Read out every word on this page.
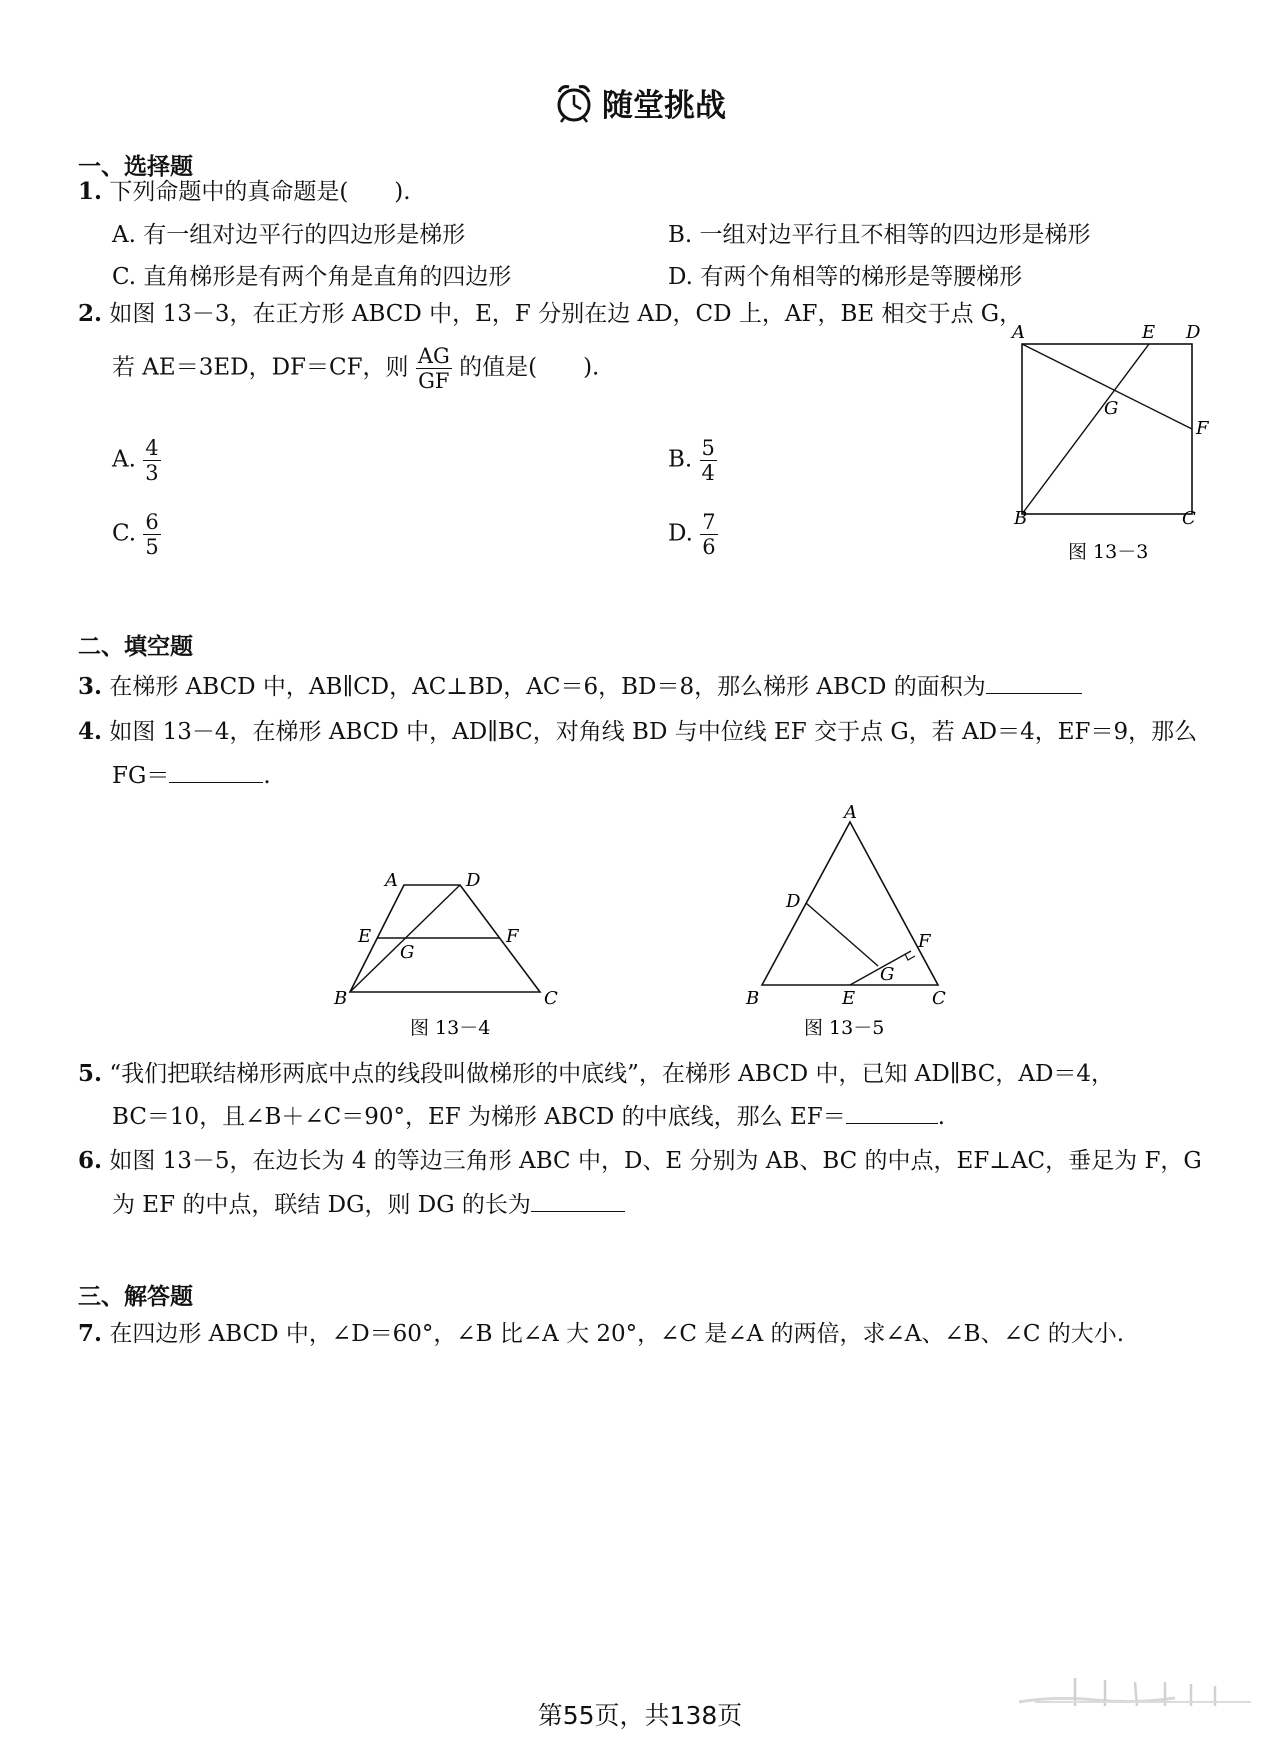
随堂挑战
一、选择题
1. 下列命题中的真命题是(　　).
A. 有一组对边平行的四边形是梯形	B. 一组对边平行且不相等的四边形是梯形
C. 直角梯形是有两个角是直角的四边形	D. 有两个角相等的梯形是等腰梯形
2. 如图 13－3，在正方形 ABCD 中，E，F 分别在边 AD，CD 上，AF，BE 相交于点 G，
若 AE＝3ED，DF＝CF，则 $\frac{AG}{GF}$ 的值是(　　).
A. $\frac{4}{3}$	B. $\frac{5}{4}$
C. $\frac{6}{5}$	D. $\frac{7}{6}$
A	E D
G
F
B	C
图 13－3
二、填空题
3. 在梯形 ABCD 中，AB∥CD，AC⊥BD，AC＝6，BD＝8，那么梯形 ABCD 的面积为
4. 如图 13－4，在梯形 ABCD 中，AD∥BC，对角线 BD 与中位线 EF 交于点 G，若 AD＝4，EF＝9，那么
FG＝	.
A	D
E
G
F
B	C
图 13－4
A
D
F
G
B	E	C
图 13－5
5. “我们把联结梯形两底中点的线段叫做梯形的中底线”，在梯形 ABCD 中，已知 AD∥BC，AD＝4，
BC＝10，且∠B＋∠C＝90°，EF 为梯形 ABCD 的中底线，那么 EF＝	.
6. 如图 13－5，在边长为 4 的等边三角形 ABC 中，D、E 分别为 AB、BC 的中点，EF⊥AC，垂足为 F，G
为 EF 的中点，联结 DG，则 DG 的长为
三、解答题
7. 在四边形 ABCD 中，∠D＝60°，∠B 比∠A 大 20°，∠C 是∠A 的两倍，求∠A、∠B、∠C 的大小.
第55页，共138页
